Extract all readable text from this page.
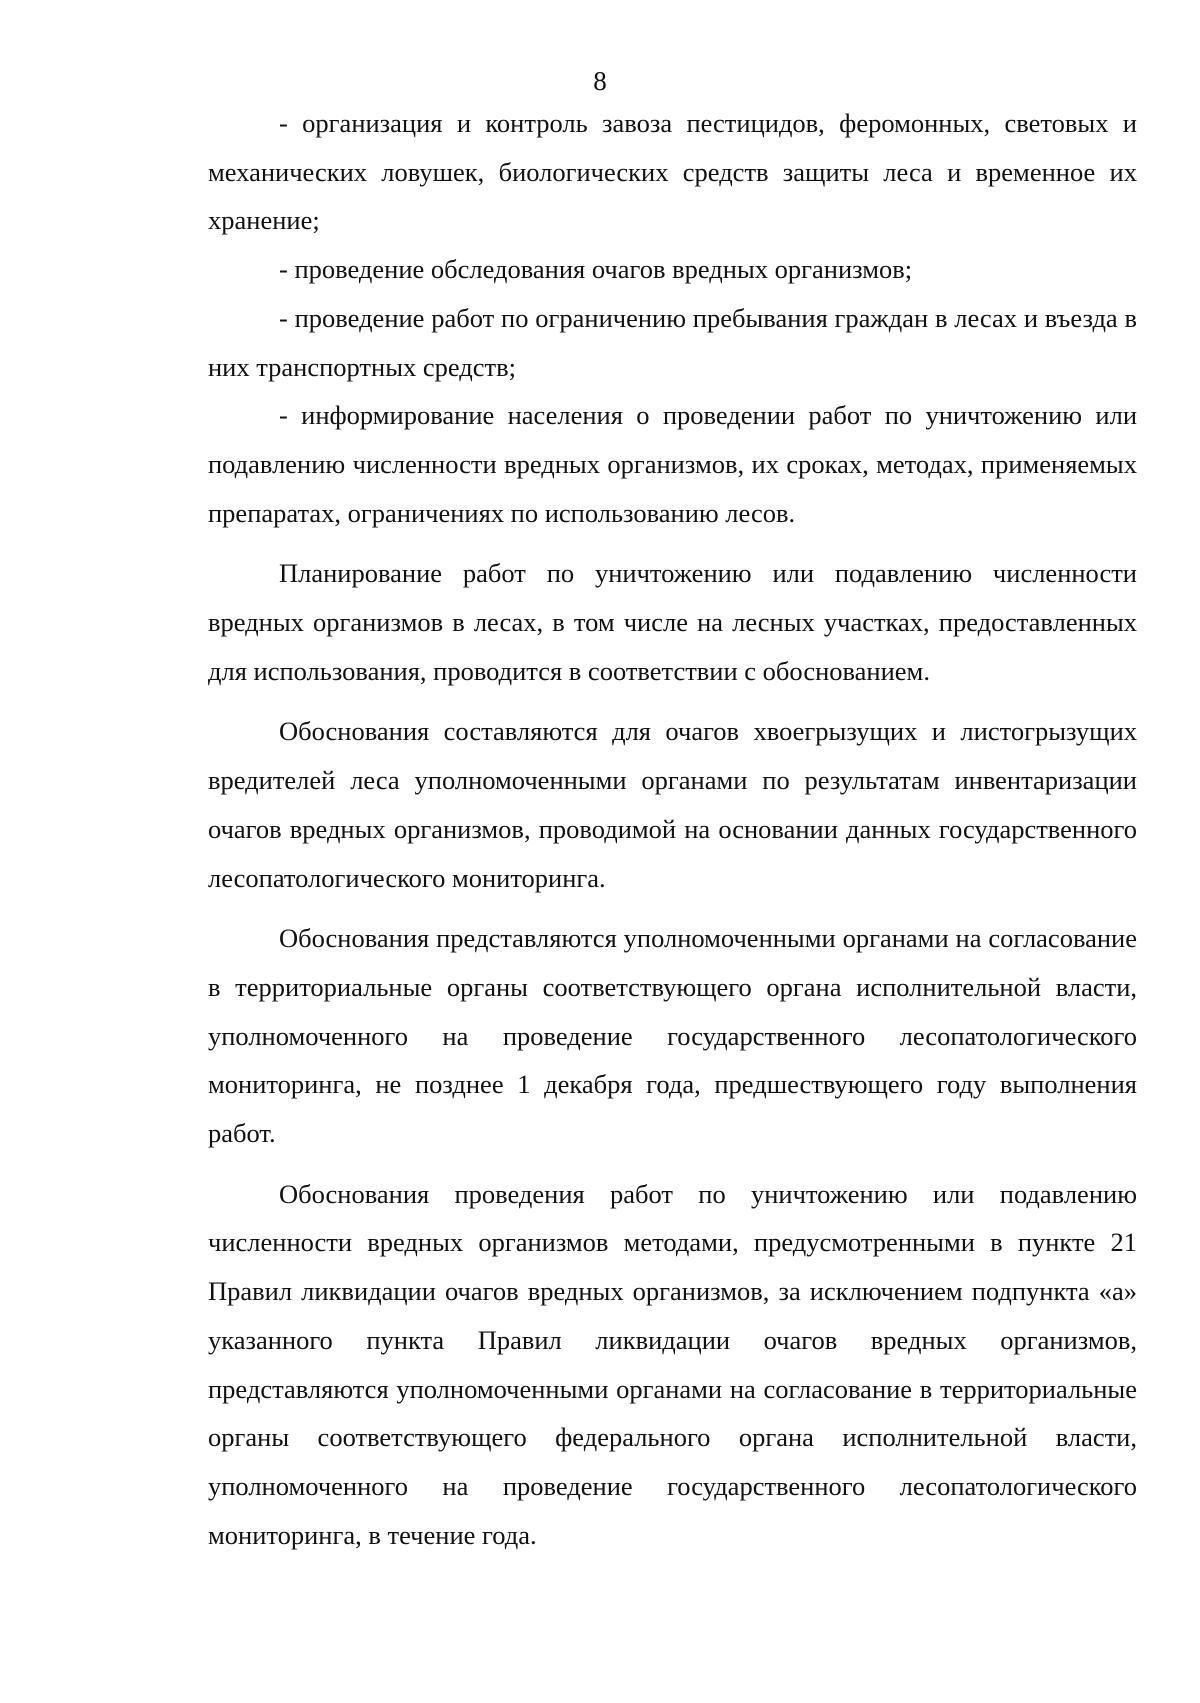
8

- организация и контроль завоза пестицидов, феромонных, световых и механических ловушек, биологических средств защиты леса и временное их хранение;

- проведение обследования очагов вредных организмов;

- проведение работ по ограничению пребывания граждан в лесах и въезда в них транспортных средств;

- информирование населения о проведении работ по уничтожению или подавлению численности вредных организмов, их сроках, методах, применяемых препаратах, ограничениях по использованию лесов.

Планирование работ по уничтожению или подавлению численности вредных организмов в лесах, в том числе на лесных участках, предоставленных для использования, проводится в соответствии с обоснованием.

Обоснования составляются для очагов хвоегрызущих и листогрызущих вредителей леса уполномоченными органами по результатам инвентаризации очагов вредных организмов, проводимой на основании данных государственного лесопатологического мониторинга.

Обоснования представляются уполномоченными органами на согласование в территориальные органы соответствующего органа исполнительной власти, уполномоченного на проведение государственного лесопатологического мониторинга, не позднее 1 декабря года, предшествующего году выполнения работ.

Обоснования проведения работ по уничтожению или подавлению численности вредных организмов методами, предусмотренными в пункте 21 Правил ликвидации очагов вредных организмов, за исключением подпункта «а» указанного пункта Правил ликвидации очагов вредных организмов, представляются уполномоченными органами на согласование в территориальные органы соответствующего федерального органа исполнительной власти, уполномоченного на проведение государственного лесопатологического мониторинга, в течение года.
